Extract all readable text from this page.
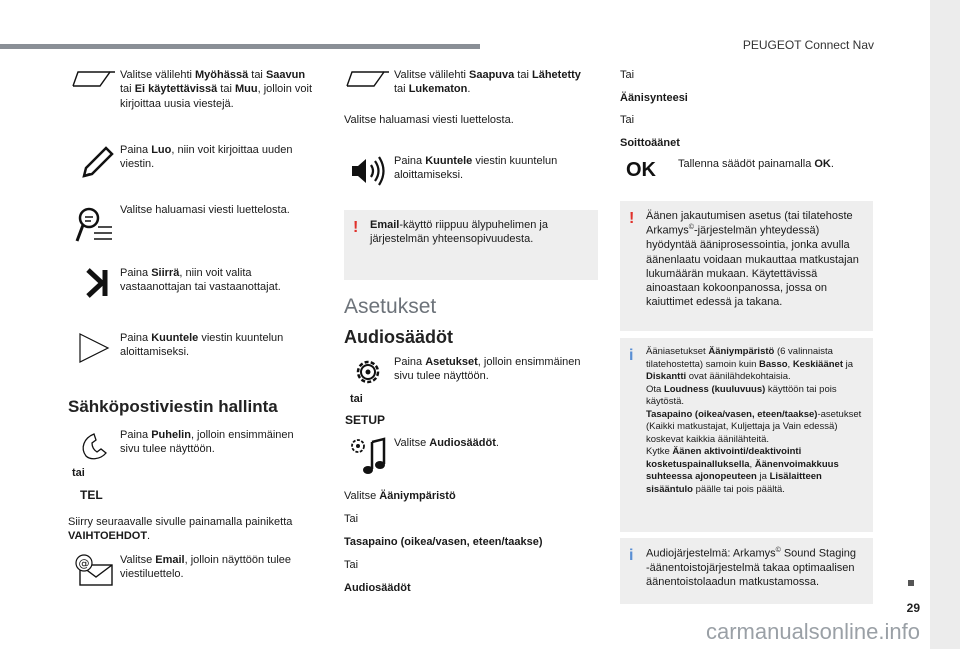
PEUGEOT Connect Nav
Valitse välilehti Myöhässä tai Saavun tai Ei käytettävissä tai Muu, jolloin voit kirjoittaa uusia viestejä.
Paina Luo, niin voit kirjoittaa uuden viestin.
Valitse haluamasi viesti luettelosta.
Paina Siirrä, niin voit valita vastaanottajan tai vastaanottajat.
Paina Kuuntele viestin kuuntelun aloittamiseksi.
Sähköpostiviestin hallinta
Paina Puhelin, jolloin ensimmäinen sivu tulee näyttöön.
tai
TEL
Siirry seuraavalle sivulle painamalla painiketta VAIHTOEHDOT.
@	Valitse Email, jolloin näyttöön tulee viestiluettelo.
Valitse välilehti Saapuva tai Lähetetty tai Lukematon.
Valitse haluamasi viesti luettelosta.
Paina Kuuntele viestin kuuntelun aloittamiseksi.
! Email-käyttö riippuu älypuhelimen ja järjestelmän yhteensopivuudesta.
Asetukset
Audiosäädöt
Paina Asetukset, jolloin ensimmäinen sivu tulee näyttöön.
tai
SETUP
Valitse Audiosäädöt.
Valitse Ääniympäristö
Tai
Tasapaino (oikea/vasen, eteen/taakse)
Tai
Audiosäädöt
Tai
Äänisynteesi
Tai
Soittoäänet
OK	Tallenna säädöt painamalla OK.
! Äänen jakautumisen asetus (tai tilatehoste Arkamys©-järjestelmän yhteydessä) hyödyntää ääniprosessointia, jonka avulla äänenlaatu voidaan mukauttaa matkustajan lukumäärän mukaan. Käytettävissä ainoastaan kokoonpanossa, jossa on kaiuttimet edessä ja takana.
i Ääniasetukset Ääniympäristö (6 valinnaista tilatehostetta) samoin kuin Basso, Keskiäänet ja Diskantti ovat äänilähdekohtaisia.
Ota Loudness (kuuluvuus) käyttöön tai pois käytöstä.
Tasapaino (oikea/vasen, eteen/taakse)-asetukset (Kaikki matkustajat, Kuljettaja ja Vain edessä) koskevat kaikkia äänilähteitä.
Kytke Äänen aktivointi/deaktivointi kosketuspainalluksella, Äänenvoimakkuus suhteessa ajonopeuteen ja Lisälaitteen sisääntulo päälle tai pois päältä.
i Audiojärjestelmä: Arkamys© Sound Staging -äänentoistojärjestelmä takaa optimaalisen äänentoistolaadun matkustamossa.
29
carmanualsonline.info
